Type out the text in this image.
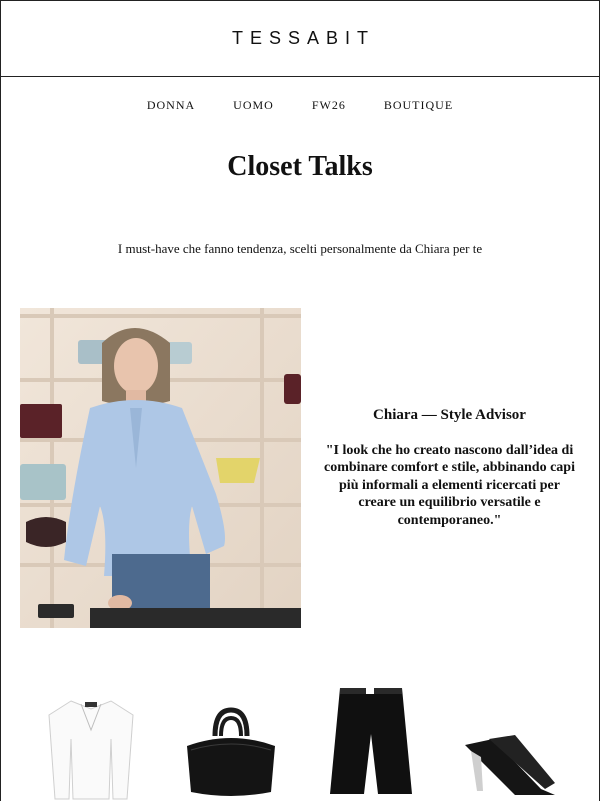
TESSABIT
DONNA	UOMO	FW26	BOUTIQUE
Closet Talks
I must-have che fanno tendenza, scelti personalmente da Chiara per te
Chiara — Style Advisor
"I look che ho creato nascono dall’idea di combinare comfort e stile, abbinando capi più informali a elementi ricercati per creare un equilibrio versatile e contemporaneo."
